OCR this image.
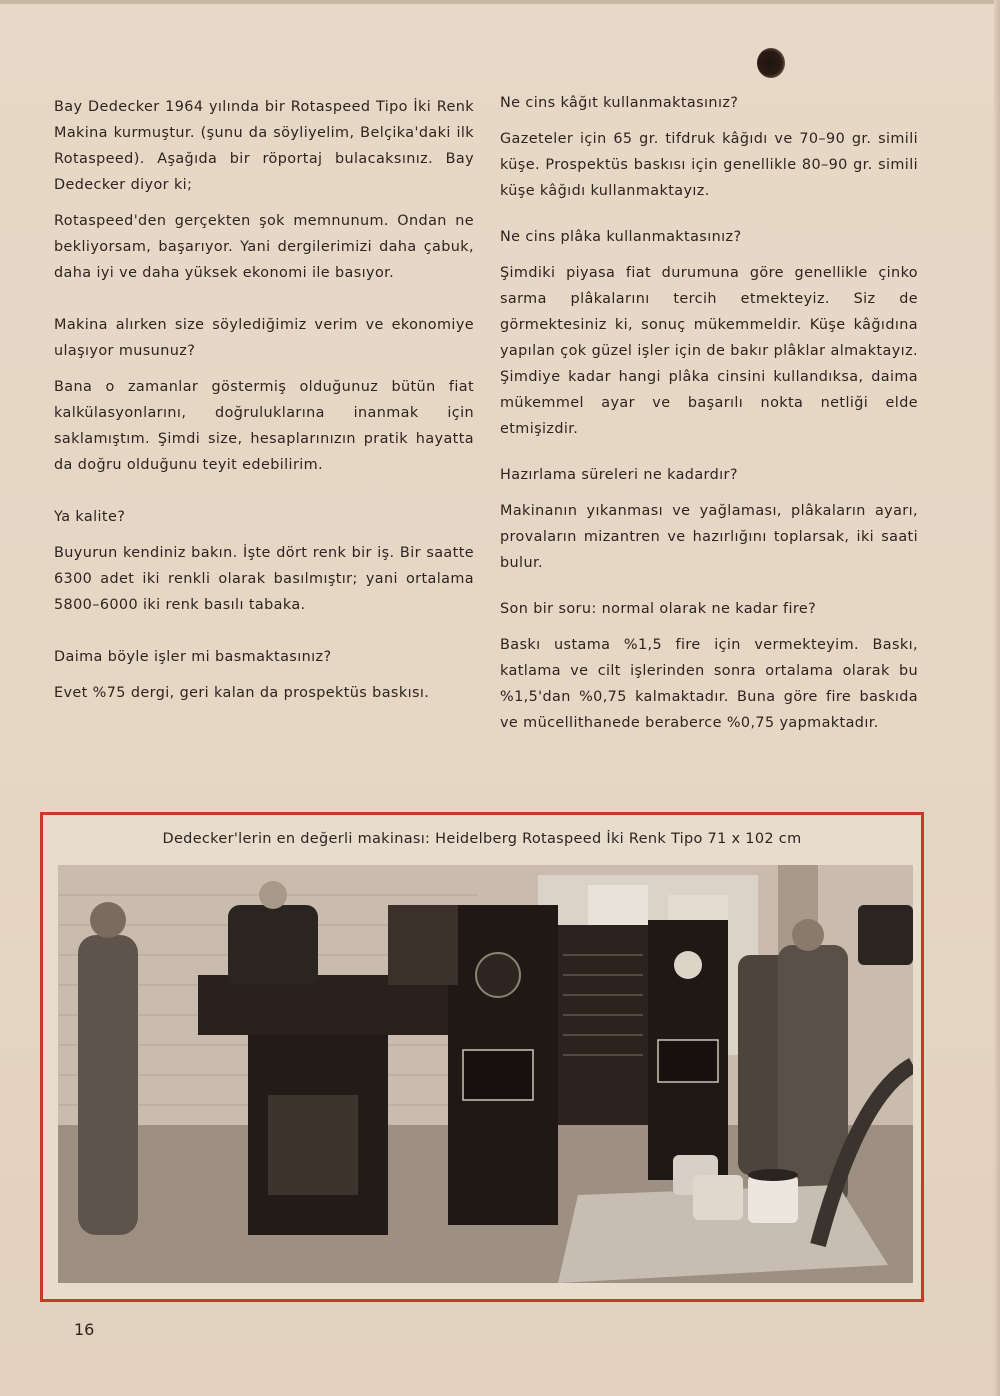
Bay Dedecker 1964 yılında bir Rotaspeed Tipo İki Renk Makina kurmuştur. (şunu da söyliyelim, Belçika'daki ilk Rotaspeed). Aşağıda bir röportaj bulacaksınız. Bay Dedecker diyor ki;

Rotaspeed'den gerçekten şok memnunum. Ondan ne bekliyorsam, başarıyor. Yani dergilerimizi daha çabuk, daha iyi ve daha yüksek ekonomi ile basıyor.

Makina alırken size söylediğimiz verim ve ekonomiye ulaşıyor musunuz?

Bana o zamanlar göstermiş olduğunuz bütün fiat kalkülasyonlarını, doğruluklarına inanmak için saklamıştım. Şimdi size, hesaplarınızın pratik hayatta da doğru olduğunu teyit edebilirim.

Ya kalite?

Buyurun kendiniz bakın. İşte dört renk bir iş. Bir saatte 6300 adet iki renkli olarak basılmıştır; yani ortalama 5800–6000 iki renk basılı tabaka.

Daima böyle işler mi basmaktasınız?

Evet %75 dergi, geri kalan da prospektüs baskısı.

Ne cins kâğıt kullanmaktasınız?

Gazeteler için 65 gr. tifdruk kâğıdı ve 70–90 gr. simili küşe. Prospektüs baskısı için genellikle 80–90 gr. simili küşe kâğıdı kullanmaktayız.

Ne cins plâka kullanmaktasınız?

Şimdiki piyasa fiat durumuna göre genellikle çinko sarma plâkalarını tercih etmekteyiz. Siz de görmektesiniz ki, sonuç mükemmeldir. Küşe kâğıdına yapılan çok güzel işler için de bakır plâklar almaktayız. Şimdiye kadar hangi plâka cinsini kullandıksa, daima mükemmel ayar ve başarılı nokta netliği elde etmişizdir.

Hazırlama süreleri ne kadardır?

Makinanın yıkanması ve yağlaması, plâkaların ayarı, provaların mizantren ve hazırlığını toplarsak, iki saati bulur.

Son bir soru: normal olarak ne kadar fire?

Baskı ustama %1,5 fire için vermekteyim. Baskı, katlama ve cilt işlerinden sonra ortalama olarak bu %1,5'dan %0,75 kalmaktadır. Buna göre fire baskıda ve mücellithanede beraberce %0,75 yapmaktadır.

Dedecker'lerin en değerli makinası: Heidelberg Rotaspeed İki Renk Tipo 71 x 102 cm
16
